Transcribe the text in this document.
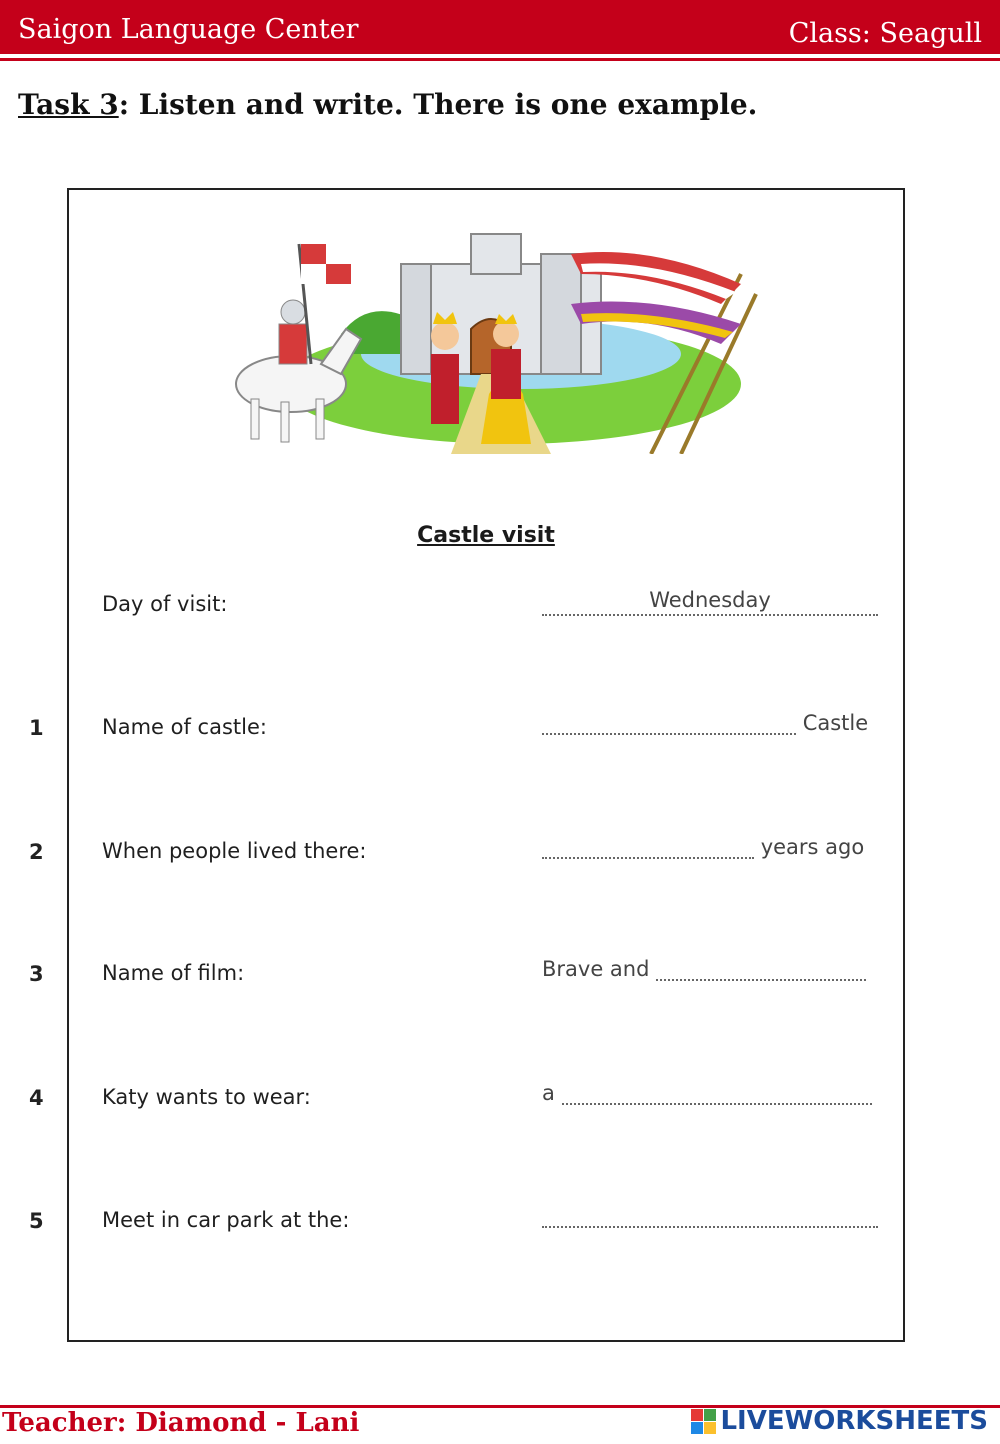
Saigon Language Center	Class: Seagull
Task 3: Listen and write. There is one example.
Castle visit
Day of visit:	Wednesday
1	Name of castle:	Castle
2	When people lived there:	years ago
3	Name of film:	Brave and
4	Katy wants to wear:	a
5	Meet in car park at the:
Teacher: Diamond - Lani	LIVEWORKSHEETS
